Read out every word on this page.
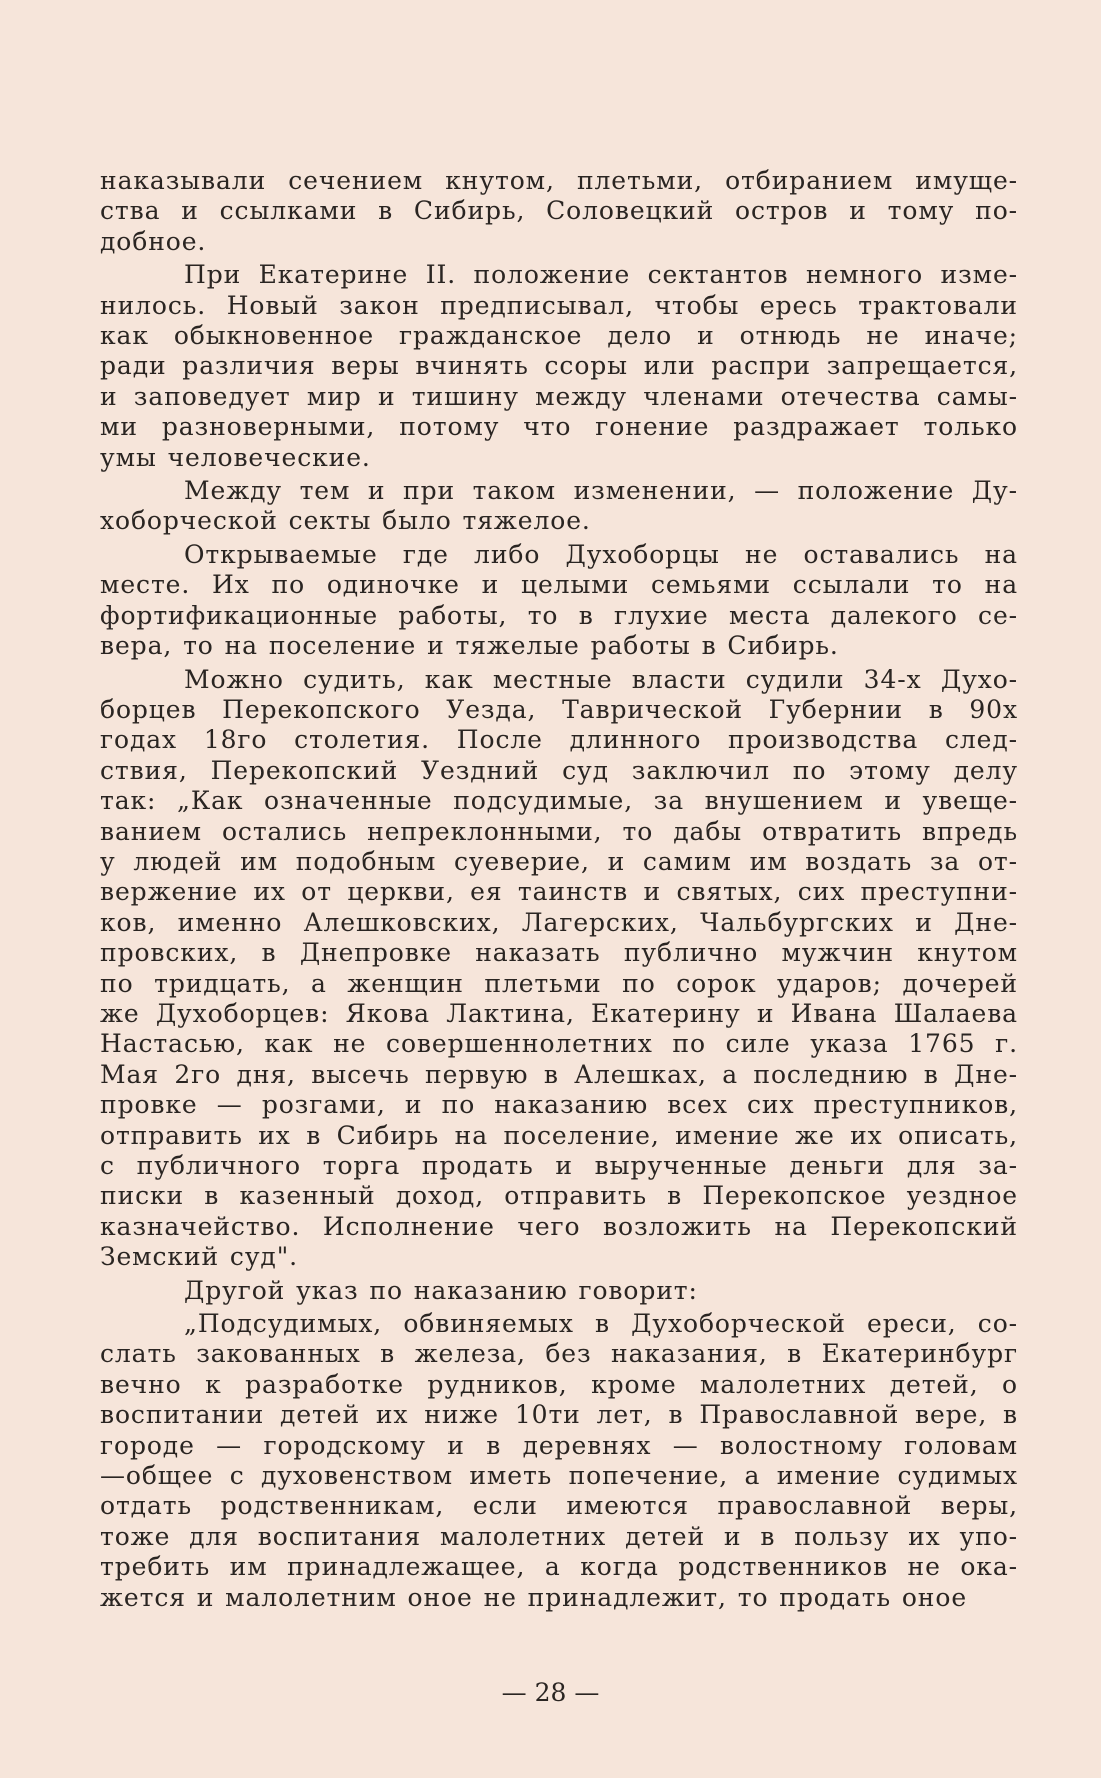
наказывали сечением кнутом, плетьми, отбиранием имуще-
ства и ссылками в Сибирь, Соловецкий остров и тому по-
добное.
При Екатерине II. положение сектантов немного изме-
нилось. Новый закон предписывал, чтобы ересь трактовали
как обыкновенное гражданское дело и отнюдь не иначе;
ради различия веры вчинять ссоры или распри запрещается,
и заповедует мир и тишину между членами отечества самы-
ми разноверными, потому что гонение раздражает только
умы человеческие.
Между тем и при таком изменении, — положение Ду-
хоборческой секты было тяжелое.
Открываемые где либо Духоборцы не оставались на
месте. Их по одиночке и целыми семьями ссылали то на
фортификационные работы, то в глухие места далекого се-
вера, то на поселение и тяжелые работы в Сибирь.
Можно судить, как местные власти судили 34-х Духо-
борцев Перекопского Уезда, Таврической Губернии в 90х
годах 18го столетия. После длинного производства след-
ствия, Перекопский Уездний суд заключил по этому делу
так: „Как означенные подсудимые, за внушением и увеще-
ванием остались непреклонными, то дабы отвратить впредь
у людей им подобным суеверие, и самим им воздать за от-
вержение их от церкви, ея таинств и святых, сих преступни-
ков, именно Алешковских, Лагерских, Чальбургских и Дне-
провских, в Днепровке наказать публично мужчин кнутом
по тридцать, а женщин плетьми по сорок ударов; дочерей
же Духоборцев: Якова Лактина, Екатерину и Ивана Шалаева
Настасью, как не совершеннолетних по силе указа 1765 г.
Мая 2го дня, высечь первую в Алешках, а последнию в Дне-
провке — розгами, и по наказанию всех сих преступников,
отправить их в Сибирь на поселение, имение же их описать,
с публичного торга продать и вырученные деньги для за-
писки в казенный доход, отправить в Перекопское уездное
казначейство. Исполнение чего возложить на Перекопский
Земский суд".
Другой указ по наказанию говорит:
„Подсудимых, обвиняемых в Духоборческой ереси, со-
слать закованных в железа, без наказания, в Екатеринбург
вечно к разработке рудников, кроме малолетних детей, о
воспитании детей их ниже 10ти лет, в Православной вере, в
городе — городскому и в деревнях — волостному головам
—общее с духовенством иметь попечение, а имение судимых
отдать родственникам, если имеются православной веры,
тоже для воспитания малолетних детей и в пользу их упо-
требить им принадлежащее, а когда родственников не ока-
жется и малолетним оное не принадлежит, то продать оное
— 28 —
